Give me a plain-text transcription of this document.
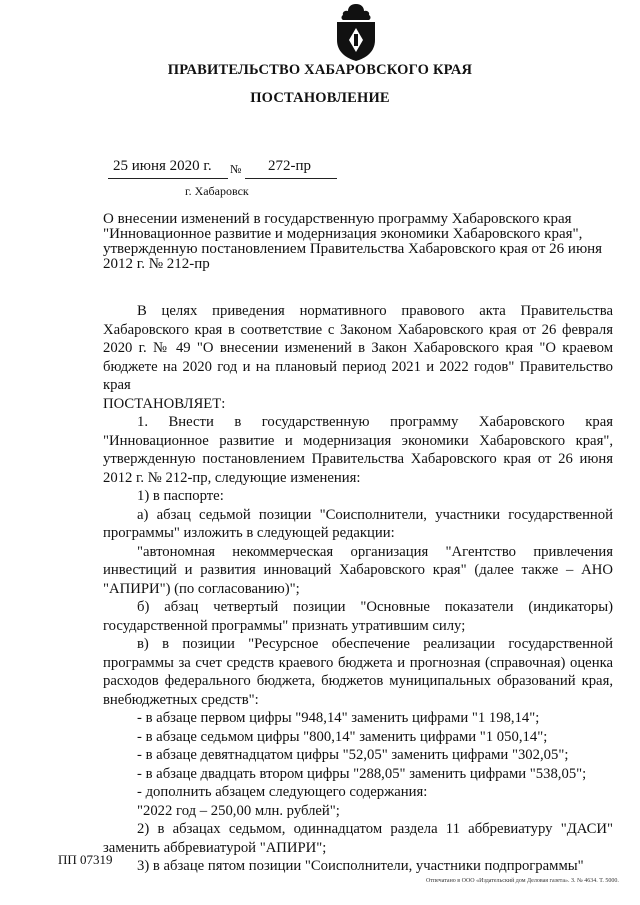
ПРАВИТЕЛЬСТВО ХАБАРОВСКОГО КРАЯ
ПОСТАНОВЛЕНИЕ
25 июня 2020 г. № 272-пр
г. Хабаровск

О внесении изменений в государственную программу Хабаровского края

"Инновационное развитие и модернизация экономики Хабаровского края",

утвержденную постановлением Правительства Хабаровского края от 26 июня

2012 г. № 212-пр

В целях приведения нормативного правового акта Правительства Хабаровского края в соответствие с Законом Хабаровского края от 26 февраля 2020 г. № 49 "О внесении изменений в Закон Хабаровского края "О краевом бюджете на 2020 год и на плановый период 2021 и 2022 годов" Правительство края

ПОСТАНОВЛЯЕТ:

1. Внести в государственную программу Хабаровского края "Инновационное развитие и модернизация экономики Хабаровского края", утвержденную постановлением Правительства Хабаровского края от 26 июня 2012 г. № 212-пр, следующие изменения:

1) в паспорте:

а) абзац седьмой позиции "Соисполнители, участники государственной программы" изложить в следующей редакции:

"автономная некоммерческая организация "Агентство привлечения инвестиций и развития инноваций Хабаровского края" (далее также – АНО "АПИРИ") (по согласованию)";

б) абзац четвертый позиции "Основные показатели (индикаторы) государственной программы" признать утратившим силу;

в) в позиции "Ресурсное обеспечение реализации государственной программы за счет средств краевого бюджета и прогнозная (справочная) оценка расходов федерального бюджета, бюджетов муниципальных образований края, внебюджетных средств":

- в абзаце первом цифры "948,14" заменить цифрами "1 198,14";

- в абзаце седьмом цифры "800,14" заменить цифрами "1 050,14";

- в абзаце девятнадцатом цифры "52,05" заменить цифрами "302,05";

- в абзаце двадцать втором цифры "288,05" заменить цифрами "538,05";

- дополнить абзацем следующего содержания:

"2022 год – 250,00 млн. рублей";

2) в абзацах седьмом, одиннадцатом раздела 11 аббревиатуру "ДАСИ" заменить аббревиатурой "АПИРИ";

3) в абзаце пятом позиции "Соисполнители, участники подпрограммы"

ПП 07319
Отпечатано в ООО «Издательский дом Деловая газета». З. № 4634. Т. 5000.
